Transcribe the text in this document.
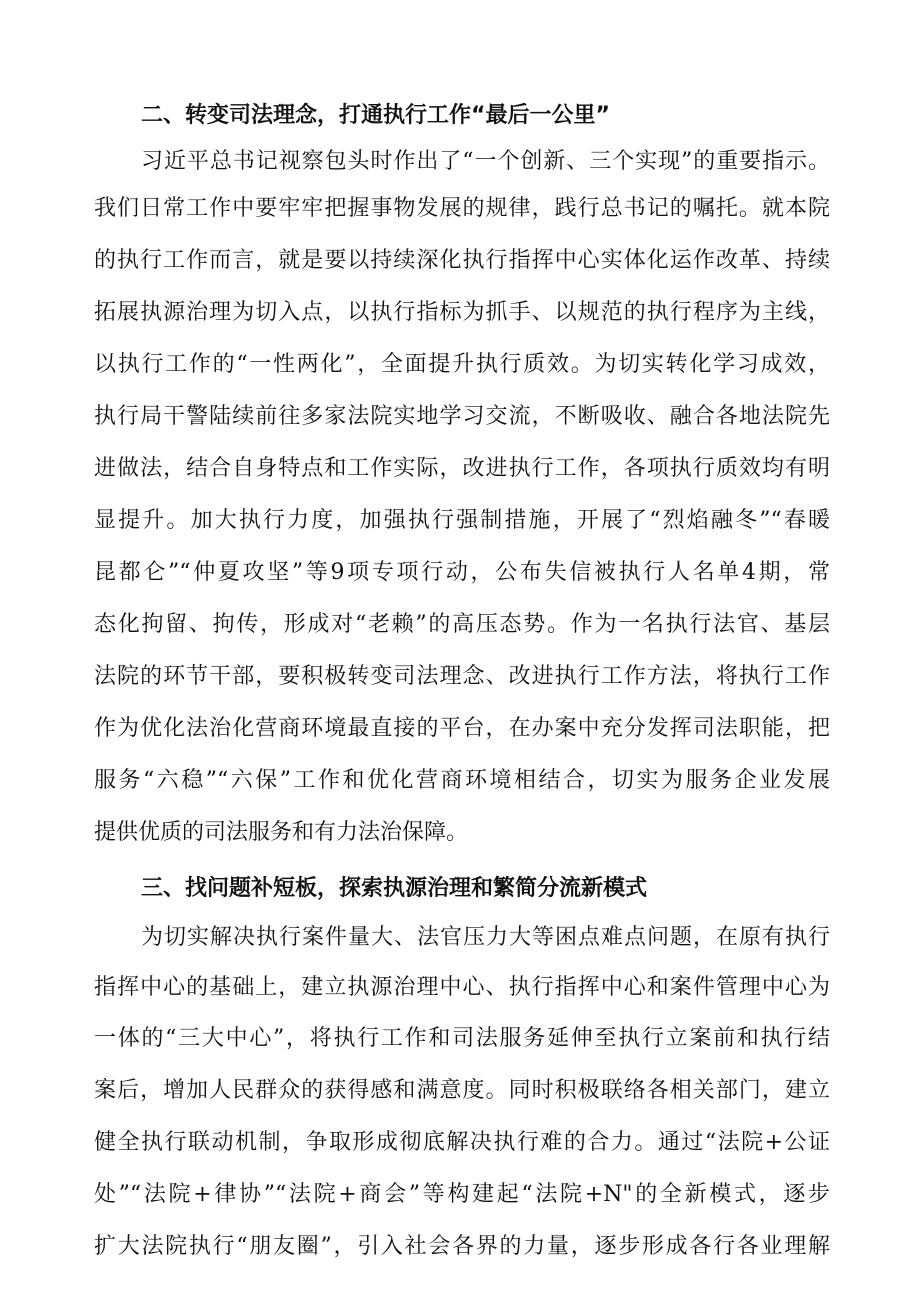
二、转变司法理念，打通执行工作“最后一公里”
习近平总书记视察包头时作出了“一个创新、三个实现”的重要指示。
我们日常工作中要牢牢把握事物发展的规律，践行总书记的嘱托。就本院
的执行工作而言，就是要以持续深化执行指挥中心实体化运作改革、持续
拓展执源治理为切入点，以执行指标为抓手、以规范的执行程序为主线，
以执行工作的“一性两化”，全面提升执行质效。为切实转化学习成效，
执行局干警陆续前往多家法院实地学习交流，不断吸收、融合各地法院先
进做法，结合自身特点和工作实际，改进执行工作，各项执行质效均有明
显提升。加大执行力度，加强执行强制措施，开展了“烈焰融冬”“春暖
昆都仑”“仲夏攻坚”等9项专项行动，公布失信被执行人名单4期，常
态化拘留、拘传，形成对“老赖”的高压态势。作为一名执行法官、基层
法院的环节干部，要积极转变司法理念、改进执行工作方法，将执行工作
作为优化法治化营商环境最直接的平台，在办案中充分发挥司法职能，把
服务“六稳”“六保”工作和优化营商环境相结合，切实为服务企业发展
提供优质的司法服务和有力法治保障。
三、找问题补短板，探索执源治理和繁简分流新模式
为切实解决执行案件量大、法官压力大等困点难点问题，在原有执行
指挥中心的基础上，建立执源治理中心、执行指挥中心和案件管理中心为
一体的“三大中心”，将执行工作和司法服务延伸至执行立案前和执行结
案后，增加人民群众的获得感和满意度。同时积极联络各相关部门，建立
健全执行联动机制，争取形成彻底解决执行难的合力。通过“法院+公证
处”“法院+律协”“法院+商会”等构建起“法院+N"的全新模式，逐步
扩大法院执行“朋友圈”，引入社会各界的力量，逐步形成各行各业理解
